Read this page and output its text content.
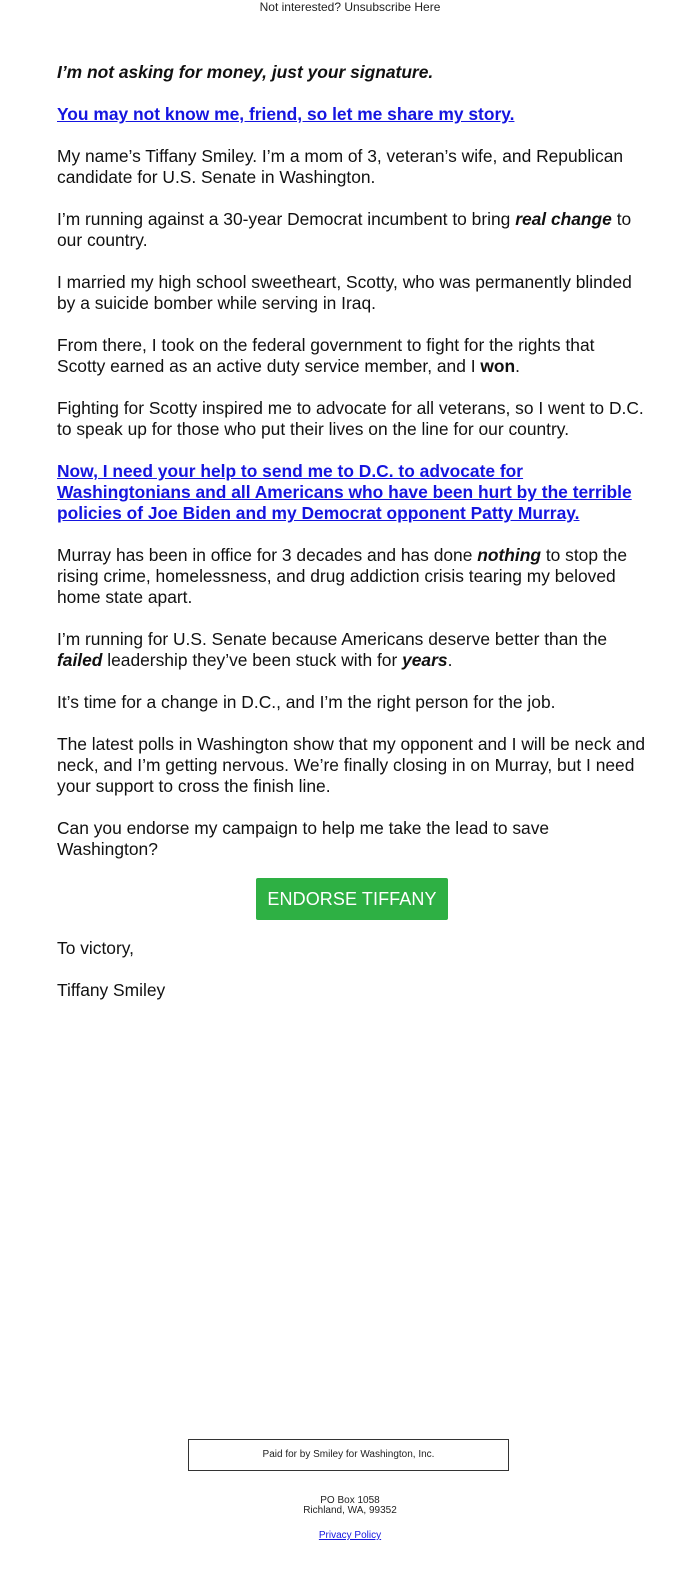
Not interested? Unsubscribe Here

I’m not asking for money, just your signature.

You may not know me, friend, so let me share my story.

My name’s Tiffany Smiley. I’m a mom of 3, veteran’s wife, and Republican candidate for U.S. Senate in Washington.

I’m running against a 30-year Democrat incumbent to bring real change to our country.

I married my high school sweetheart, Scotty, who was permanently blinded by a suicide bomber while serving in Iraq.

From there, I took on the federal government to fight for the rights that Scotty earned as an active duty service member, and I won.

Fighting for Scotty inspired me to advocate for all veterans, so I went to D.C. to speak up for those who put their lives on the line for our country.

Now, I need your help to send me to D.C. to advocate for Washingtonians and all Americans who have been hurt by the terrible policies of Joe Biden and my Democrat opponent Patty Murray.

Murray has been in office for 3 decades and has done nothing to stop the rising crime, homelessness, and drug addiction crisis tearing my beloved home state apart.

I’m running for U.S. Senate because Americans deserve better than the failed leadership they’ve been stuck with for years.

It’s time for a change in D.C., and I’m the right person for the job.

The latest polls in Washington show that my opponent and I will be neck and neck, and I’m getting nervous. We’re finally closing in on Murray, but I need your support to cross the finish line.

Can you endorse my campaign to help me take the lead to save Washington?

ENDORSE TIFFANY

To victory,

Tiffany Smiley

Paid for by Smiley for Washington, Inc.
PO Box 1058
Richland, WA, 99352
Privacy Policy
